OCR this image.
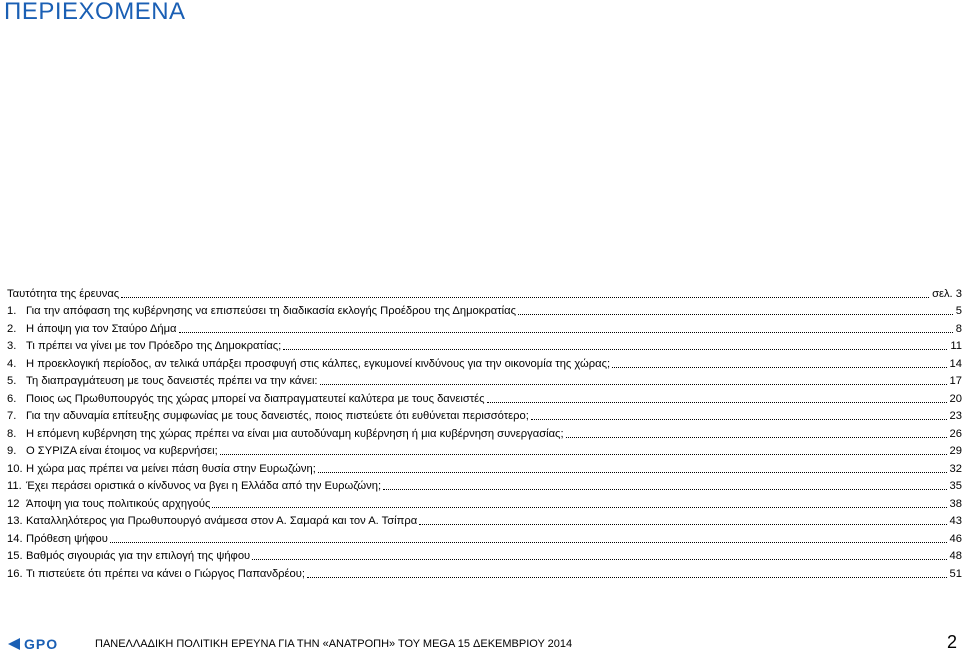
ΠΕΡΙΕΧΟΜΕΝΑ
Ταυτότητα της έρευνας	σελ. 3
1. Για την απόφαση της κυβέρνησης να επισπεύσει τη διαδικασία εκλογής Προέδρου της Δημοκρατίας	5
2. Η άποψη για τον Σταύρο Δήμα	8
3. Τι πρέπει να γίνει με τον Πρόεδρο της Δημοκρατίας;	11
4. Η προεκλογική περίοδος, αν τελικά υπάρξει προσφυγή στις κάλπες, εγκυμονεί κινδύνους για την οικονομία της χώρας;	14
5. Τη διαπραγμάτευση με τους δανειστές πρέπει να την κάνει:	17
6. Ποιος ως Πρωθυπουργός της χώρας μπορεί να διαπραγματευτεί καλύτερα με τους δανειστές	20
7. Για την αδυναμία επίτευξης συμφωνίας με τους δανειστές, ποιος πιστεύετε ότι ευθύνεται περισσότερο;	23
8. Η επόμενη κυβέρνηση της χώρας πρέπει να είναι μια αυτοδύναμη κυβέρνηση ή μια κυβέρνηση συνεργασίας;	26
9. Ο ΣΥΡΙΖΑ είναι έτοιμος να κυβερνήσει;	29
10. Η χώρα μας πρέπει να μείνει πάση θυσία στην Ευρωζώνη;	32
11. Έχει περάσει οριστικά ο κίνδυνος να βγει η Ελλάδα από την Ευρωζώνη;	35
12 Άποψη για τους πολιτικούς αρχηγούς	38
13. Καταλληλότερος για Πρωθυπουργό ανάμεσα στον Α. Σαμαρά και τον Α. Τσίπρα	43
14. Πρόθεση ψήφου	46
15. Βαθμός σιγουριάς για την επιλογή της ψήφου	48
16. Τι πιστεύετε ότι πρέπει να κάνει ο Γιώργος Παπανδρέου;	51
GPO	ΠΑΝΕΛΛΑΔΙΚΗ ΠΟΛΙΤΙΚΗ ΕΡΕΥΝΑ ΓΙΑ ΤΗΝ «ΑΝΑΤΡΟΠΗ» ΤΟΥ MEGA 15 ΔΕΚΕΜΒΡΙΟΥ 2014	2
